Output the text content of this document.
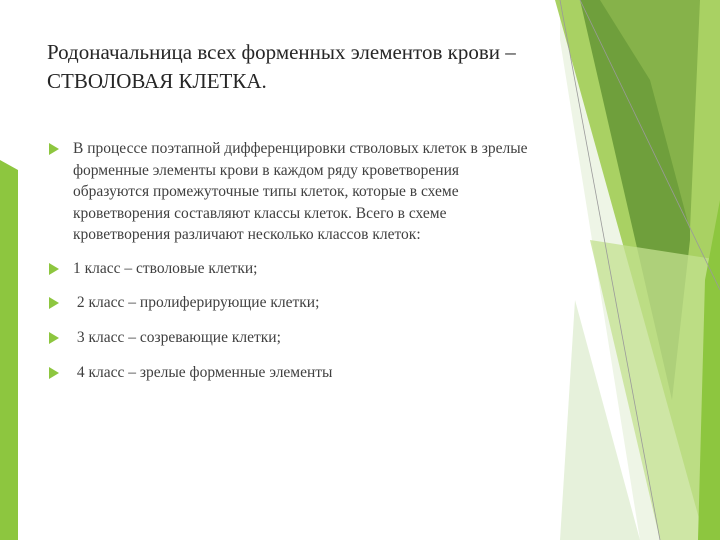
Родоначальница всех форменных элементов крови – СТВОЛОВАЯ КЛЕТКА.
В процессе поэтапной дифференцировки стволовых клеток в зрелые форменные элементы крови в каждом ряду кроветворения образуются промежуточные типы клеток, которые в схеме кроветворения составляют классы клеток. Всего в схеме кроветворения различают несколько классов клеток:
1 класс – стволовые клетки;
2 класс – пролиферирующие клетки;
3 класс – созревающие клетки;
4 класс – зрелые форменные элементы
